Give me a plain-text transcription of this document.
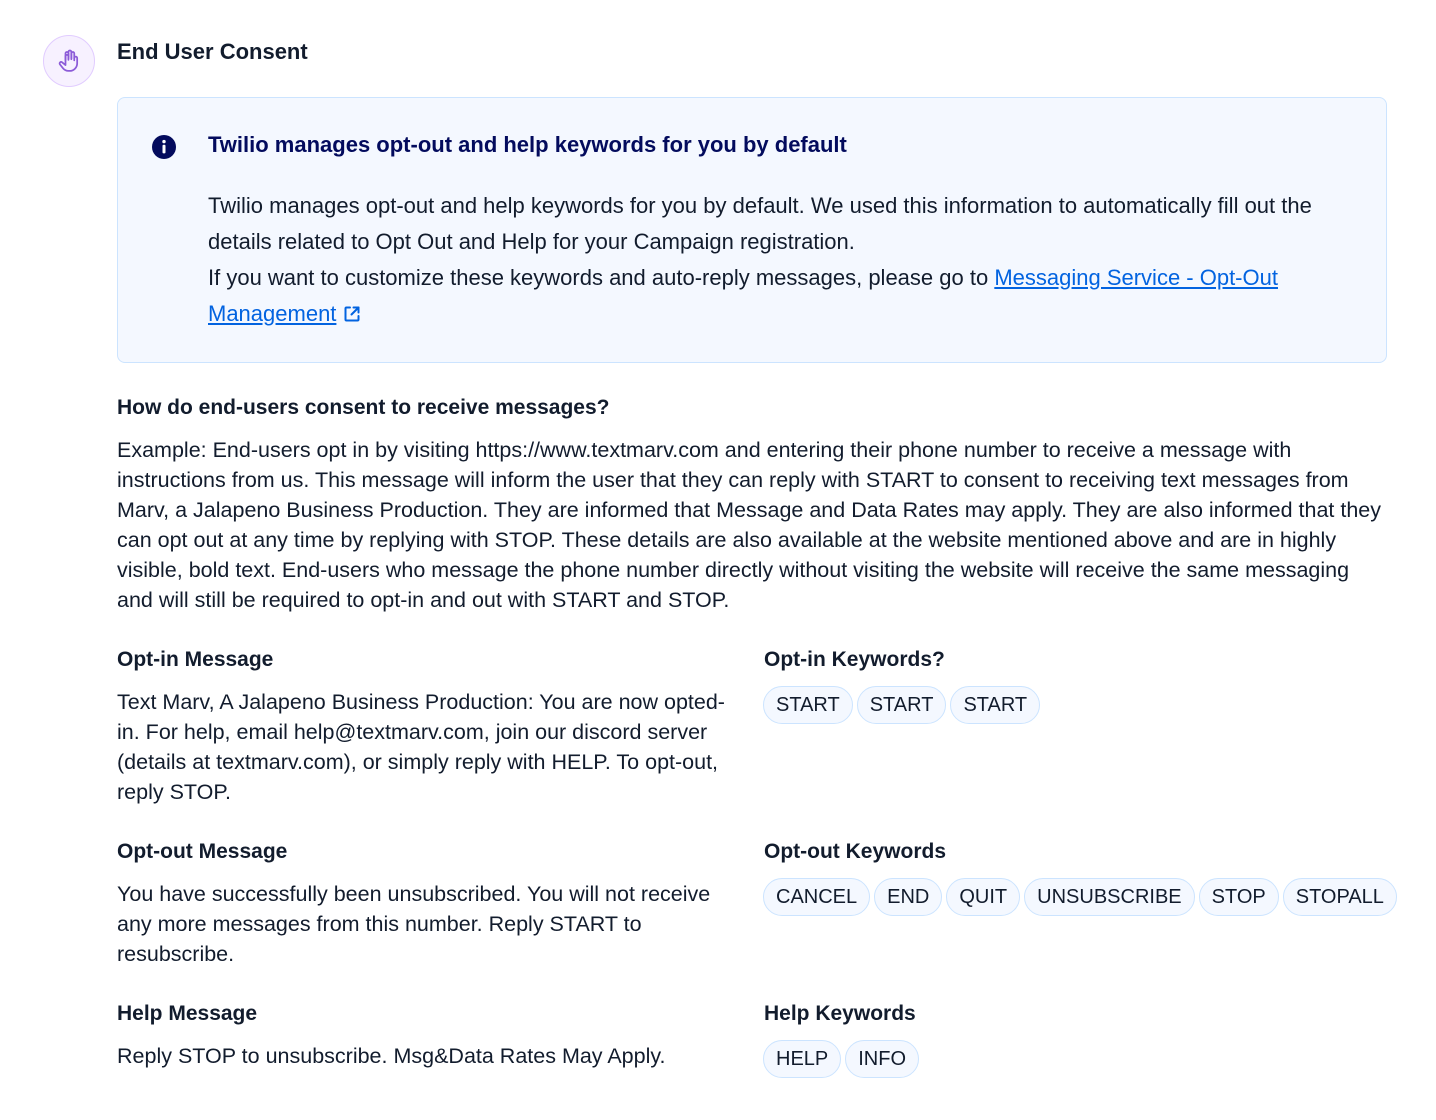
End User Consent
Twilio manages opt-out and help keywords for you by default
Twilio manages opt-out and help keywords for you by default. We used this information to automatically fill out the details related to Opt Out and Help for your Campaign registration.
If you want to customize these keywords and auto-reply messages, please go to Messaging Service - Opt-Out Management
How do end-users consent to receive messages?
Example: End-users opt in by visiting https://www.textmarv.com and entering their phone number to receive a message with instructions from us. This message will inform the user that they can reply with START to consent to receiving text messages from Marv, a Jalapeno Business Production. They are informed that Message and Data Rates may apply. They are also informed that they can opt out at any time by replying with STOP. These details are also available at the website mentioned above and are in highly visible, bold text. End-users who message the phone number directly without visiting the website will receive the same messaging and will still be required to opt-in and out with START and STOP.
Opt-in Message
Text Marv, A Jalapeno Business Production: You are now opted-in. For help, email help@textmarv.com, join our discord server (details at textmarv.com), or simply reply with HELP. To opt-out, reply STOP.
Opt-in Keywords?
START	START	START
Opt-out Message
You have successfully been unsubscribed. You will not receive any more messages from this number. Reply START to resubscribe.
Opt-out Keywords
CANCEL	END	QUIT	UNSUBSCRIBE	STOP	STOPALL
Help Message
Reply STOP to unsubscribe. Msg&Data Rates May Apply.
Help Keywords
HELP	INFO
